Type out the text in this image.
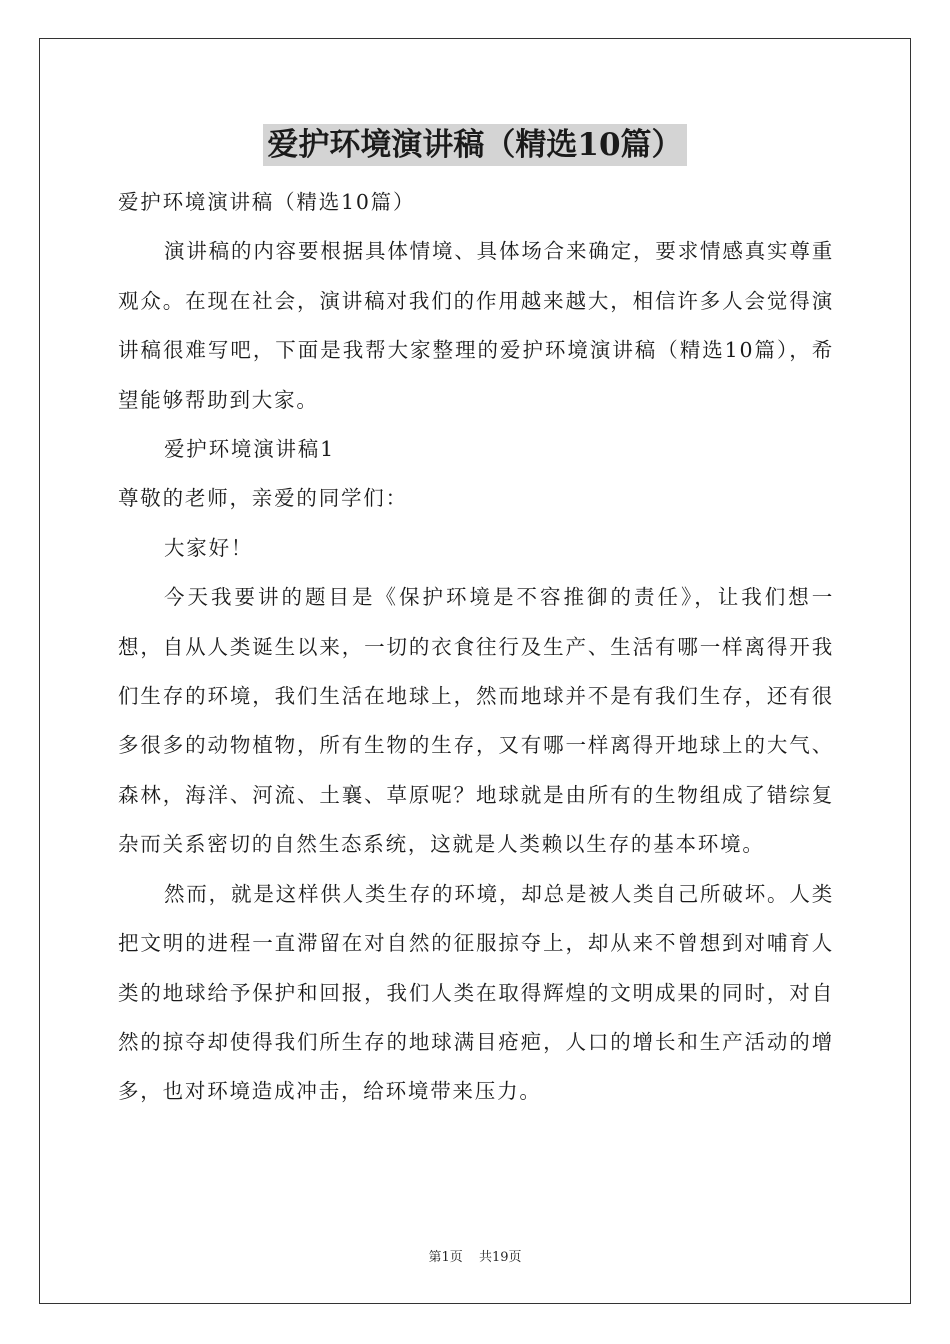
爱护环境演讲稿（精选10篇）

爱护环境演讲稿（精选10篇）

演讲稿的内容要根据具体情境、具体场合来确定，要求情感真实尊重观众。在现在社会，演讲稿对我们的作用越来越大，相信许多人会觉得演讲稿很难写吧，下面是我帮大家整理的爱护环境演讲稿（精选10篇），希望能够帮助到大家。

爱护环境演讲稿1

尊敬的老师，亲爱的同学们：

大家好！

今天我要讲的题目是《保护环境是不容推御的责任》，让我们想一想，自从人类诞生以来，一切的衣食往行及生产、生活有哪一样离得开我们生存的环境，我们生活在地球上，然而地球并不是有我们生存，还有很多很多的动物植物，所有生物的生存，又有哪一样离得开地球上的大气、森林，海洋、河流、土襄、草原呢？地球就是由所有的生物组成了错综复杂而关系密切的自然生态系统，这就是人类赖以生存的基本环境。

然而，就是这样供人类生存的环境，却总是被人类自己所破坏。人类把文明的进程一直滞留在对自然的征服掠夺上，却从来不曾想到对哺育人类的地球给予保护和回报，我们人类在取得辉煌的文明成果的同时，对自然的掠夺却使得我们所生存的地球满目疮疤，人口的增长和生产活动的增多，也对环境造成冲击，给环境带来压力。

第1页 共19页
